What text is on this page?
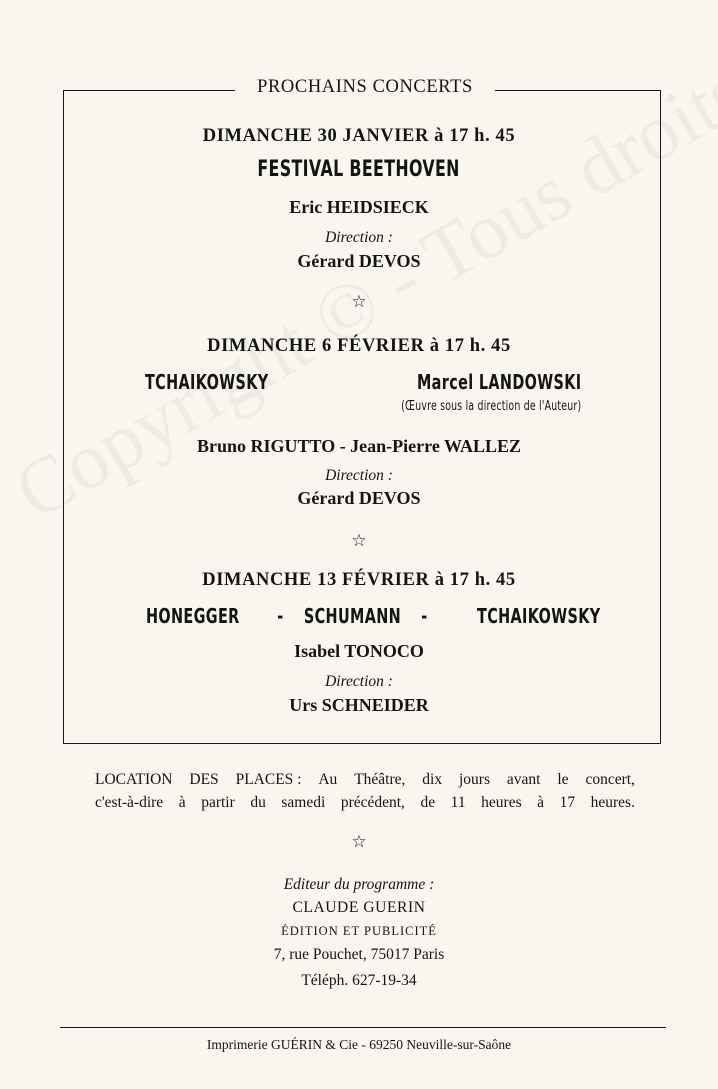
PROCHAINS CONCERTS
DIMANCHE 30 JANVIER à 17 h. 45
FESTIVAL BEETHOVEN
Eric HEIDSIECK
Direction :
Gérard DEVOS
☆
DIMANCHE 6 FÉVRIER à 17 h. 45
TCHAIKOWSKY	Marcel LANDOWSKI
(Œuvre sous la direction de l'Auteur)
Bruno RIGUTTO - Jean-Pierre WALLEZ
Direction :
Gérard DEVOS
☆
DIMANCHE 13 FÉVRIER à 17 h. 45
HONEGGER - SCHUMANN - TCHAIKOWSKY
Isabel TONOCO
Direction :
Urs SCHNEIDER
LOCATION DES PLACES : Au Théâtre, dix jours avant le concert,
c'est-à-dire à partir du samedi précédent, de 11 heures à 17 heures.
☆
Editeur du programme :
CLAUDE GUERIN
ÉDITION ET PUBLICITÉ
7, rue Pouchet, 75017 Paris
Téléph. 627-19-34
Imprimerie GUÉRIN & Cie - 69250 Neuville-sur-Saône
